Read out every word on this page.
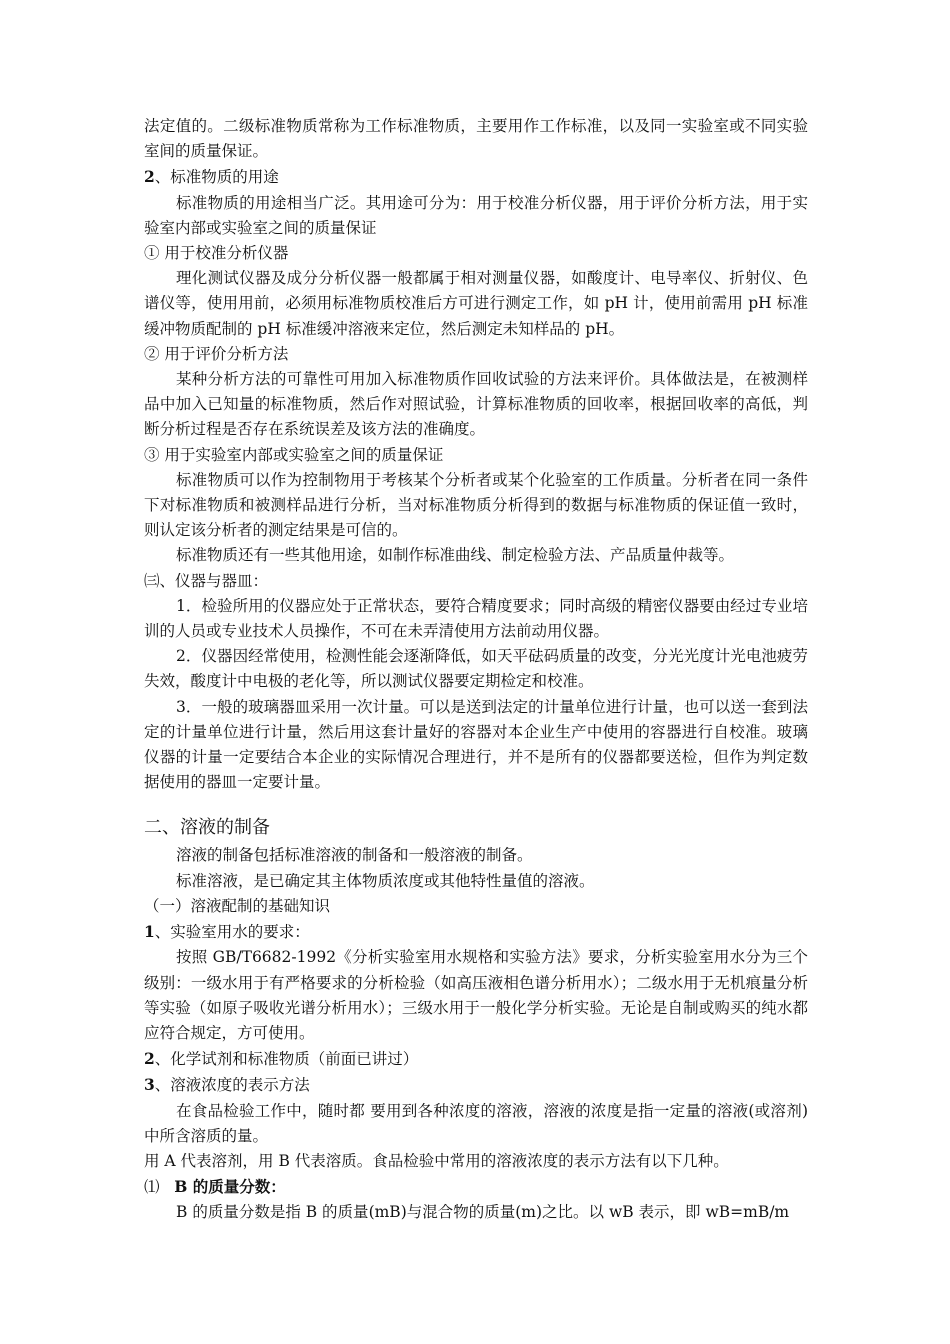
法定值的。二级标准物质常称为工作标准物质，主要用作工作标准，以及同一实验室或不同实验室间的质量保证。

2、标准物质的用途

标准物质的用途相当广泛。其用途可分为：用于校准分析仪器，用于评价分析方法，用于实验室内部或实验室之间的质量保证

① 用于校准分析仪器

理化测试仪器及成分分析仪器一般都属于相对测量仪器，如酸度计、电导率仪、折射仪、色谱仪等，使用用前，必须用标准物质校准后方可进行测定工作，如 pH 计，使用前需用 pH 标准缓冲物质配制的 pH 标准缓冲溶液来定位，然后测定未知样品的 pH。

② 用于评价分析方法

某种分析方法的可靠性可用加入标准物质作回收试验的方法来评价。具体做法是，在被测样品中加入已知量的标准物质，然后作对照试验，计算标准物质的回收率，根据回收率的高低，判断分析过程是否存在系统误差及该方法的准确度。

③ 用于实验室内部或实验室之间的质量保证

标准物质可以作为控制物用于考核某个分析者或某个化验室的工作质量。分析者在同一条件下对标准物质和被测样品进行分析，当对标准物质分析得到的数据与标准物质的保证值一致时，则认定该分析者的测定结果是可信的。

标准物质还有一些其他用途，如制作标准曲线、制定检验方法、产品质量仲裁等。

㈢、仪器与器皿：

1．检验所用的仪器应处于正常状态，要符合精度要求；同时高级的精密仪器要由经过专业培训的人员或专业技术人员操作，不可在未弄清使用方法前动用仪器。

2．仪器因经常使用，检测性能会逐渐降低，如天平砝码质量的改变，分光光度计光电池疲劳失效，酸度计中电极的老化等，所以测试仪器要定期检定和校准。

3．一般的玻璃器皿采用一次计量。可以是送到法定的计量单位进行计量，也可以送一套到法定的计量单位进行计量，然后用这套计量好的容器对本企业生产中使用的容器进行自校准。玻璃仪器的计量一定要结合本企业的实际情况合理进行，并不是所有的仪器都要送检，但作为判定数据使用的器皿一定要计量。

二、溶液的制备

溶液的制备包括标准溶液的制备和一般溶液的制备。

标准溶液，是已确定其主体物质浓度或其他特性量值的溶液。

（一）溶液配制的基础知识

1、实验室用水的要求：

按照 GB/T6682-1992《分析实验室用水规格和实验方法》要求，分析实验室用水分为三个级别：一级水用于有严格要求的分析检验（如高压液相色谱分析用水）；二级水用于无机痕量分析等实验（如原子吸收光谱分析用水）；三级水用于一般化学分析实验。无论是自制或购买的纯水都应符合规定，方可使用。

2、化学试剂和标准物质（前面已讲过）

3、溶液浓度的表示方法

在食品检验工作中，随时都 要用到各种浓度的溶液，溶液的浓度是指一定量的溶液(或溶剂)中所含溶质的量。

用 A 代表溶剂，用 B 代表溶质。食品检验中常用的溶液浓度的表示方法有以下几种。

⑴ B 的质量分数：

B 的质量分数是指 B 的质量(mB)与混合物的质量(m)之比。以 wB 表示，即 wB=mB/m
